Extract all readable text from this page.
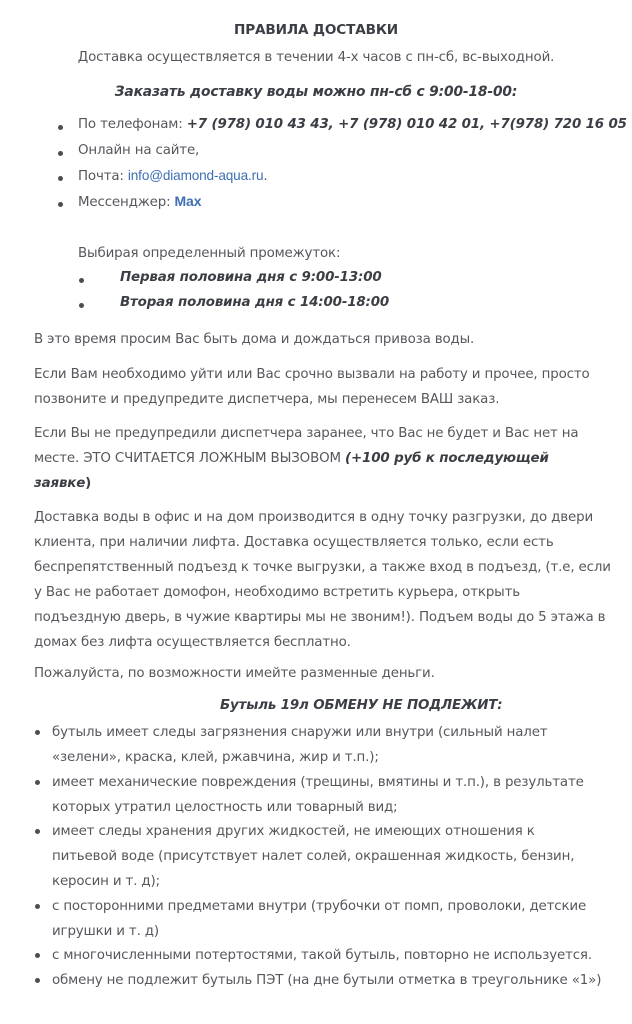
ПРАВИЛА ДОСТАВКИ
Доставка осуществляется в течении 4-х часов с пн-сб, вс-выходной.
Заказать доставку воды можно пн-сб с 9:00-18-00:
По телефонам: +7 (978) 010 43 43, +7 (978) 010 42 01, +7(978) 720 16 05
Онлайн на сайте,
Почта: info@diamond-aqua.ru.
Мессенджер: Max
Выбирая определенный промежуток:
Первая половина дня с 9:00-13:00
Вторая половина дня с 14:00-18:00
В это время просим Вас быть дома и дождаться привоза воды.
Если Вам необходимо уйти или Вас срочно вызвали на работу и прочее, просто
позвоните и предупредите диспетчера, мы перенесем ВАШ заказ.
Если Вы не предупредили диспетчера заранее, что Вас не будет и Вас нет на
месте. ЭТО СЧИТАЕТСЯ ЛОЖНЫМ ВЫЗОВОМ (+100 руб к последующей
заявке)
Доставка воды в офис и на дом производится в одну точку разгрузки, до двери
клиента, при наличии лифта. Доставка осуществляется только, если есть
беспрепятственный подъезд к точке выгрузки, а также вход в подъезд, (т.е, если
у Вас не работает домофон, необходимо встретить курьера, открыть
подъездную дверь, в чужие квартиры мы не звоним!). Подъем воды до 5 этажа в
домах без лифта осуществляется бесплатно.
Пожалуйста, по возможности имейте разменные деньги.
Бутыль 19л ОБМЕНУ НЕ ПОДЛЕЖИТ:
бутыль имеет следы загрязнения снаружи или внутри (сильный налет
«зелени», краска, клей, ржавчина, жир и т.п.);
имеет механические повреждения (трещины, вмятины и т.п.), в результате
которых утратил целостность или товарный вид;
имеет следы хранения других жидкостей, не имеющих отношения к
питьевой воде (присутствует налет солей, окрашенная жидкость, бензин,
керосин и т. д);
с посторонними предметами внутри (трубочки от помп, проволоки, детские
игрушки и т. д)
с многочисленными потертостями, такой бутыль, повторно не используется.
обмену не подлежит бутыль ПЭТ (на дне бутыли отметка в треугольнике «1»)
